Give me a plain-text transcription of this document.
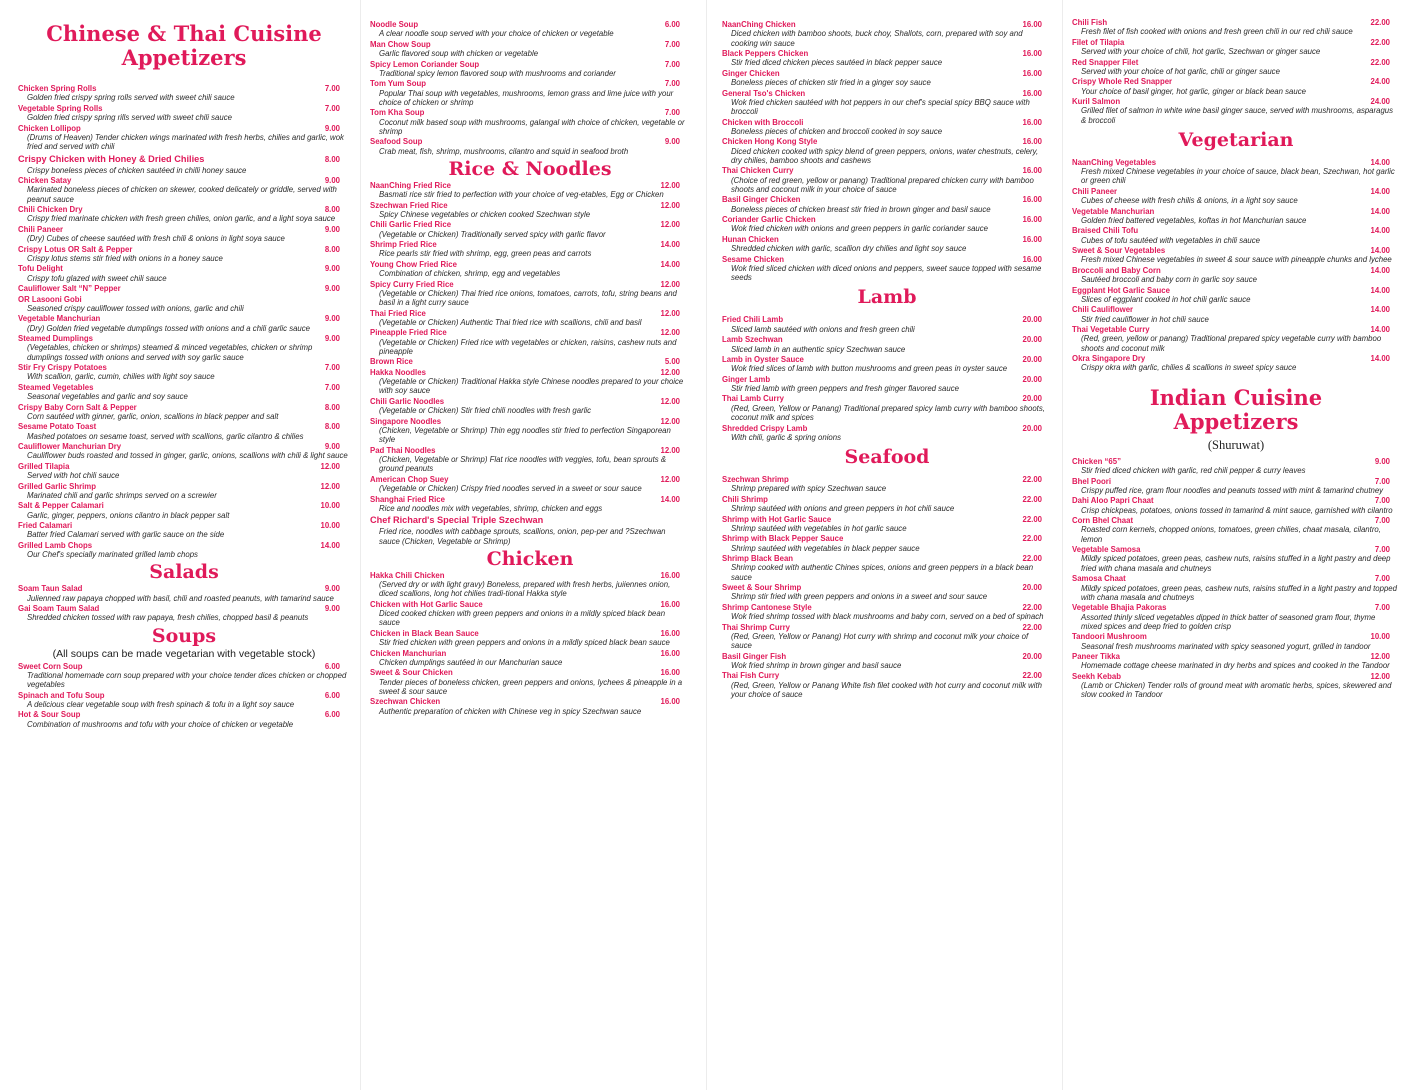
Chinese & Thai Cuisine
Appetizers
Chicken Spring Rolls	7.00
Golden fried crispy spring rolls served with sweet chili sauce
Vegetable Spring Rolls	7.00
Golden fried crispy spring rills served with sweet chili sauce
Chicken Lollipop	9.00
(Drums of Heaven) Tender chicken wings marinated with fresh herbs, chilies and garlic, wok fried and served with chili
Crispy Chicken with Honey & Dried Chilies	8.00
Crispy boneless pieces of chicken sautéed in chilli honey sauce
Chicken Satay	9.00
Marinated boneless pieces of chicken on skewer, cooked delicately or griddle, served with peanut sauce
Chili Chicken Dry	8.00
Crispy fried marinate chicken with fresh green chilies, onion garlic, and a light soya sauce
Chili Paneer	9.00
(Dry) Cubes of cheese sautéed with fresh chili & onions in light soya sauce
Crispy Lotus OR Salt & Pepper	8.00
Crispy lotus stems stir fried with onions in a honey sauce
Tofu Delight	9.00
Crispy tofu glazed with sweet chili sauce
Cauliflower Salt “N” Pepper	9.00
OR Lasooni Gobi
Seasoned crispy cauliflower tossed with onions, garlic and chili
Vegetable Manchurian	9.00
(Dry) Golden fried vegetable dumplings tossed with onions and a chili garlic sauce
Steamed Dumplings	9.00
(Vegetables, chicken or shrimps) steamed & minced vegetables, chicken or shrimp dumplings tossed with onions and served with soy garlic sauce
Stir Fry Crispy Potatoes	7.00
With scallion, garlic, cumin, chilies with light soy sauce
Steamed Vegetables	7.00
Seasonal vegetables and garlic and soy sauce
Crispy Baby Corn Salt & Pepper	8.00
Corn sautéed with ginner, garlic, onion, scallions in black pepper and salt
Sesame Potato Toast	8.00
Mashed potatoes on sesame toast, served with scallions, garlic cilantro & chilies
Cauliflower Manchurian Dry	9.00
Cauliflower buds roasted and tossed in ginger, garlic, onions, scallions with chili & light sauce
Grilled Tilapia	12.00
Served with hot chili sauce
Grilled Garlic Shrimp	12.00
Marinated chili and garlic shrimps served on a screwier
Salt & Pepper Calamari	10.00
Garlic, ginger, peppers, onions cilantro in black pepper salt
Fried Calamari	10.00
Batter fried Calamari served with garlic sauce on the side
Grilled Lamb Chops	14.00
Our Chef's specially marinated grilled lamb chops
Salads
Soam Taun Salad	9.00
Julienned raw papaya chopped with basil, chili and roasted peanuts, with tamarind sauce
Gai Soam Taum Salad	9.00
Shredded chicken tossed with raw papaya, fresh chilies, chopped basil & peanuts
Soups
(All soups can be made vegetarian with vegetable stock)
Sweet Corn Soup	6.00
Traditional homemade corn soup prepared with your choice tender dices chicken or chopped vegetables
Spinach and Tofu Soup	6.00
A delicious clear vegetable soup with fresh spinach & tofu in a light soy sauce
Hot & Sour Soup	6.00
Combination of mushrooms and tofu with your choice of chicken or vegetable
Noodle Soup	6.00
A clear noodle soup served with your choice of chicken or vegetable
Man Chow Soup	7.00
Garlic flavored soup with chicken or vegetable
Spicy Lemon Coriander Soup	7.00
Traditional spicy lemon flavored soup with mushrooms and coriander
Tom Yum Soup	7.00
Popular Thai soup with vegetables, mushrooms, lemon grass and lime juice with your choice of chicken or shrimp
Tom Kha Soup	7.00
Coconut milk based soup with mushrooms, galangal with choice of chicken, vegetable or shrimp
Seafood Soup	9.00
Crab meat, fish, shrimp, mushrooms, cilantro and squid in seafood broth
Rice & Noodles
NaanChing Fried Rice	12.00
Basmati rice stir fried to perfection with your choice of veg-etables, Egg or Chicken
Szechwan Fried Rice	12.00
Spicy Chinese vegetables or chicken cooked Szechwan style
Chili Garlic Fried Rice	12.00
(Vegetable or Chicken) Traditionally served spicy with garlic flavor
Shrimp Fried Rice	14.00
Rice pearls stir fried with shrimp, egg, green peas and carrots
Young Chow Fried Rice	14.00
Combination of chicken, shrimp, egg and vegetables
Spicy Curry Fried Rice	12.00
(Vegetable or Chicken) Thai fried rice onions, tomatoes, carrots, tofu, string beans and basil in a light curry sauce
Thai Fried Rice	12.00
(Vegetable or Chicken) Authentic Thai fried rice with scallions, chili and basil
Pineapple Fried Rice	12.00
(Vegetable or Chicken) Fried rice with vegetables or chicken, raisins, cashew nuts and pineapple
Brown Rice	5.00
Hakka Noodles	12.00
(Vegetable or Chicken) Traditional Hakka style Chinese noodles prepared to your choice with soy sauce
Chili Garlic Noodles	12.00
(Vegetable or Chicken) Stir fried chili noodles with fresh garlic
Singapore Noodles	12.00
(Chicken, Vegetable or Shrimp) Thin egg noodles stir fried to perfection Singaporean style
Pad Thai Noodles	12.00
(Chicken, Vegetable or Shrimp) Flat rice noodles with veggies, tofu, bean sprouts & ground peanuts
American Chop Suey	12.00
(Vegetable or Chicken) Crispy fried noodles served in a sweet or sour sauce
Shanghai Fried Rice	14.00
Rice and noodles mix with vegetables, shrimp, chicken and eggs
Chef Richard's Special Triple Szechwan
Fried rice, noodles with cabbage sprouts, scallions, onion, pep-per and ?Szechwan sauce (Chicken, Vegetable or Shrimp)
Chicken
Hakka Chili Chicken	16.00
(Served dry or with light gravy) Boneless, prepared with fresh herbs, juiiennes onion, diced scallions, long hot chilies tradi-tional Hakka style
Chicken with Hot Garlic Sauce	16.00
Diced cooked chicken with green peppers and onions in a mildly spiced black bean sauce
Chicken in Black Bean Sauce	16.00
Stir fried chicken with green peppers and onions in a mildly spiced black bean sauce
Chicken Manchurian	16.00
Chicken dumplings sautéed in our Manchurian sauce
Sweet & Sour Chicken	16.00
Tender pieces of boneless chicken, green peppers and onions, lychees & pineapple in a sweet & sour sauce
Szechwan Chicken	16.00
Authentic preparation of chicken with Chinese veg in spicy Szechwan sauce
NaanChing Chicken	16.00
Diced chicken with bamboo shoots, buck choy, Shallots, corn, prepared with soy and cooking win sauce
Black Peppers Chicken	16.00
Stir fried diced chicken pieces sautéed in black pepper sauce
Ginger Chicken	16.00
Boneless pieces of chicken stir fried in a ginger soy sauce
General Tso's Chicken	16.00
Wok fried chicken sautéed with hot peppers in our chef's special spicy BBQ sauce with broccoli
Chicken with Broccoli	16.00
Boneless pieces of chicken and broccoli cooked in soy sauce
Chicken Hong Kong Style	16.00
Diced chicken cooked with spicy blend of green peppers, onions, water chestnuts, celery, dry chilies, bamboo shoots and cashews
Thai Chicken Curry	16.00
(Choice of red green, yellow or panang) Traditional prepared chicken curry with bamboo shoots and coconut milk in your choice of sauce
Basil Ginger Chicken	16.00
Boneless pieces of chicken breast stir fried in brown ginger and basil sauce
Coriander Garlic Chicken	16.00
Wok fried chicken with onions and green peppers in garlic coriander sauce
Hunan Chicken	16.00
Shredded chicken with garlic, scallion dry chilies and light soy sauce
Sesame Chicken	16.00
Wok fried sliced chicken with diced onions and peppers, sweet sauce topped with sesame seeds
Lamb
Fried Chili Lamb	20.00
Sliced lamb sautéed with onions and fresh green chili
Lamb Szechwan	20.00
Sliced lamb in an authentic spicy Szechwan sauce
Lamb in Oyster Sauce	20.00
Wok fried slices of lamb with button mushrooms and green peas in oyster sauce
Ginger Lamb	20.00
Stir fried lamb with green peppers and fresh ginger flavored sauce
Thai Lamb Curry	20.00
(Red, Green, Yellow or Panang) Traditional prepared spicy lamb curry with bamboo shoots, coconut milk and spices
Shredded Crispy Lamb	20.00
With chili, garlic & spring onions
Seafood
Szechwan Shrimp	22.00
Shrimp prepared with spicy Szechwan sauce
Chili Shrimp	22.00
Shrimp sautéed with onions and green peppers in hot chili sauce
Shrimp with Hot Garlic Sauce	22.00
Shrimp sautéed with vegetables in hot garlic sauce
Shrimp with Black Pepper Sauce	22.00
Shrimp sautéed with vegetables in black pepper sauce
Shrimp Black Bean	22.00
Shrimp cooked with authentic Chines spices, onions and green peppers in a black bean sauce
Sweet & Sour Shrimp	20.00
Shrimp stir fried with green peppers and onions in a sweet and sour sauce
Shrimp Cantonese Style	22.00
Wok fried shrimp tossed with black mushrooms and baby corn, served on a bed of spinach
Thai Shrimp Curry	22.00
(Red, Green, Yellow or Panang) Hot curry with shrimp and coconut milk your choice of sauce
Basil Ginger Fish	20.00
Wok fried shrimp in brown ginger and basil sauce
Thai Fish Curry	22.00
(Red, Green, Yellow or Panang White fish filet cooked with hot curry and coconut milk with your choice of sauce
Chili Fish	22.00
Fresh filet of fish cooked with onions and fresh green chili in our red chili sauce
Filet of Tilapia	22.00
Served with your choice of chili, hot garlic, Szechwan or ginger sauce
Red Snapper Filet	22.00
Served with your choice of hot garlic, chili or ginger sauce
Crispy Whole Red Snapper	24.00
Your choice of basil ginger, hot garlic, ginger or black bean sauce
Kuril Salmon	24.00
Grilled filet of salmon in white wine basil ginger sauce, served with mushrooms, asparagus & broccoli
Vegetarian
NaanChing Vegetables	14.00
Fresh mixed Chinese vegetables in your choice of sauce, black bean, Szechwan, hot garlic or green chili
Chili Paneer	14.00
Cubes of cheese with fresh chilis & onions, in a light soy sauce
Vegetable Manchurian	14.00
Golden fried battered vegetables, koftas in hot Manchurian sauce
Braised Chili Tofu	14.00
Cubes of tofu sautéed with vegetables in chili sauce
Sweet & Sour Vegetables	14.00
Fresh mixed Chinese vegetables in sweet & sour sauce with pineapple chunks and lychee
Broccoli and Baby Corn	14.00
Sautéed broccoli and baby corn in garlic soy sauce
Eggplant Hot Garlic Sauce	14.00
Slices of eggplant cooked in hot chili garlic sauce
Chili Cauliflower	14.00
Stir fried cauliflower in hot chili sauce
Thai Vegetable Curry	14.00
(Red, green, yellow or panang) Traditional prepared spicy vegetable curry with bamboo shoots and coconut milk
Okra Singapore Dry	14.00
Crispy okra with garlic, chilies & scallions in sweet spicy sauce
Indian Cuisine
Appetizers
(Shuruwat)
Chicken “65”	9.00
Stir fried diced chicken with garlic, red chili pepper & curry leaves
Bhel Poori	7.00
Crispy puffed rice, gram flour noodles and peanuts tossed with mint & tamarind chutney
Dahi Aloo Papri Chaat	7.00
Crisp chickpeas, potatoes, onions tossed in tamarind & mint sauce, garnished with cilantro
Corn Bhel Chaat	7.00
Roasted corn kernels, chopped onions, tomatoes, green chilies, chaat masala, cilantro, lemon
Vegetable Samosa	7.00
Mildly spiced potatoes, green peas, cashew nuts, raisins stuffed in a light pastry and deep fried with chana masala and chutneys
Samosa Chaat	7.00
Mildly spiced potatoes, green peas, cashew nuts, raisins stuffed in a light pastry and topped with chana masala and chutneys
Vegetable Bhajia Pakoras	7.00
Assorted thinly sliced vegetables dipped in thick batter of seasoned gram flour, thyme mixed spices and deep fried to golden crisp
Tandoori Mushroom	10.00
Seasonal fresh mushrooms marinated with spicy seasoned yogurt, grilled in tandoor
Paneer Tikka	12.00
Homemade cottage cheese marinated in dry herbs and spices and cooked in the Tandoor
Seekh Kebab	12.00
(Lamb or Chicken) Tender rolls of ground meat with aromatic herbs, spices, skewered and slow cooked in Tandoor
